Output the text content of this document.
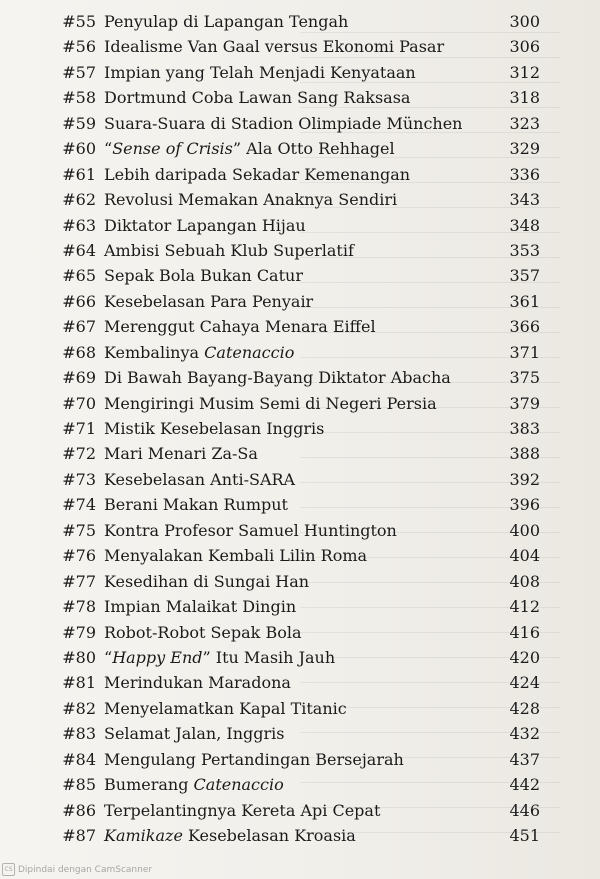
#55 Penyulap di Lapangan Tengah	300
#56 Idealisme Van Gaal versus Ekonomi Pasar	306
#57 Impian yang Telah Menjadi Kenyataan	312
#58 Dortmund Coba Lawan Sang Raksasa	318
#59 Suara-Suara di Stadion Olimpiade München	323
#60 “Sense of Crisis” Ala Otto Rehhagel	329
#61 Lebih daripada Sekadar Kemenangan	336
#62 Revolusi Memakan Anaknya Sendiri	343
#63 Diktator Lapangan Hijau	348
#64 Ambisi Sebuah Klub Superlatif	353
#65 Sepak Bola Bukan Catur	357
#66 Kesebelasan Para Penyair	361
#67 Merenggut Cahaya Menara Eiffel	366
#68 Kembalinya Catenaccio	371
#69 Di Bawah Bayang-Bayang Diktator Abacha	375
#70 Mengiringi Musim Semi di Negeri Persia	379
#71 Mistik Kesebelasan Inggris	383
#72 Mari Menari Za-Sa	388
#73 Kesebelasan Anti-SARA	392
#74 Berani Makan Rumput	396
#75 Kontra Profesor Samuel Huntington	400
#76 Menyalakan Kembali Lilin Roma	404
#77 Kesedihan di Sungai Han	408
#78 Impian Malaikat Dingin	412
#79 Robot-Robot Sepak Bola	416
#80 “Happy End” Itu Masih Jauh	420
#81 Merindukan Maradona	424
#82 Menyelamatkan Kapal Titanic	428
#83 Selamat Jalan, Inggris	432
#84 Mengulang Pertandingan Bersejarah	437
#85 Bumerang Catenaccio	442
#86 Terpelantingnya Kereta Api Cepat	446
#87 Kamikaze Kesebelasan Kroasia	451
CS Dipindai dengan CamScanner
